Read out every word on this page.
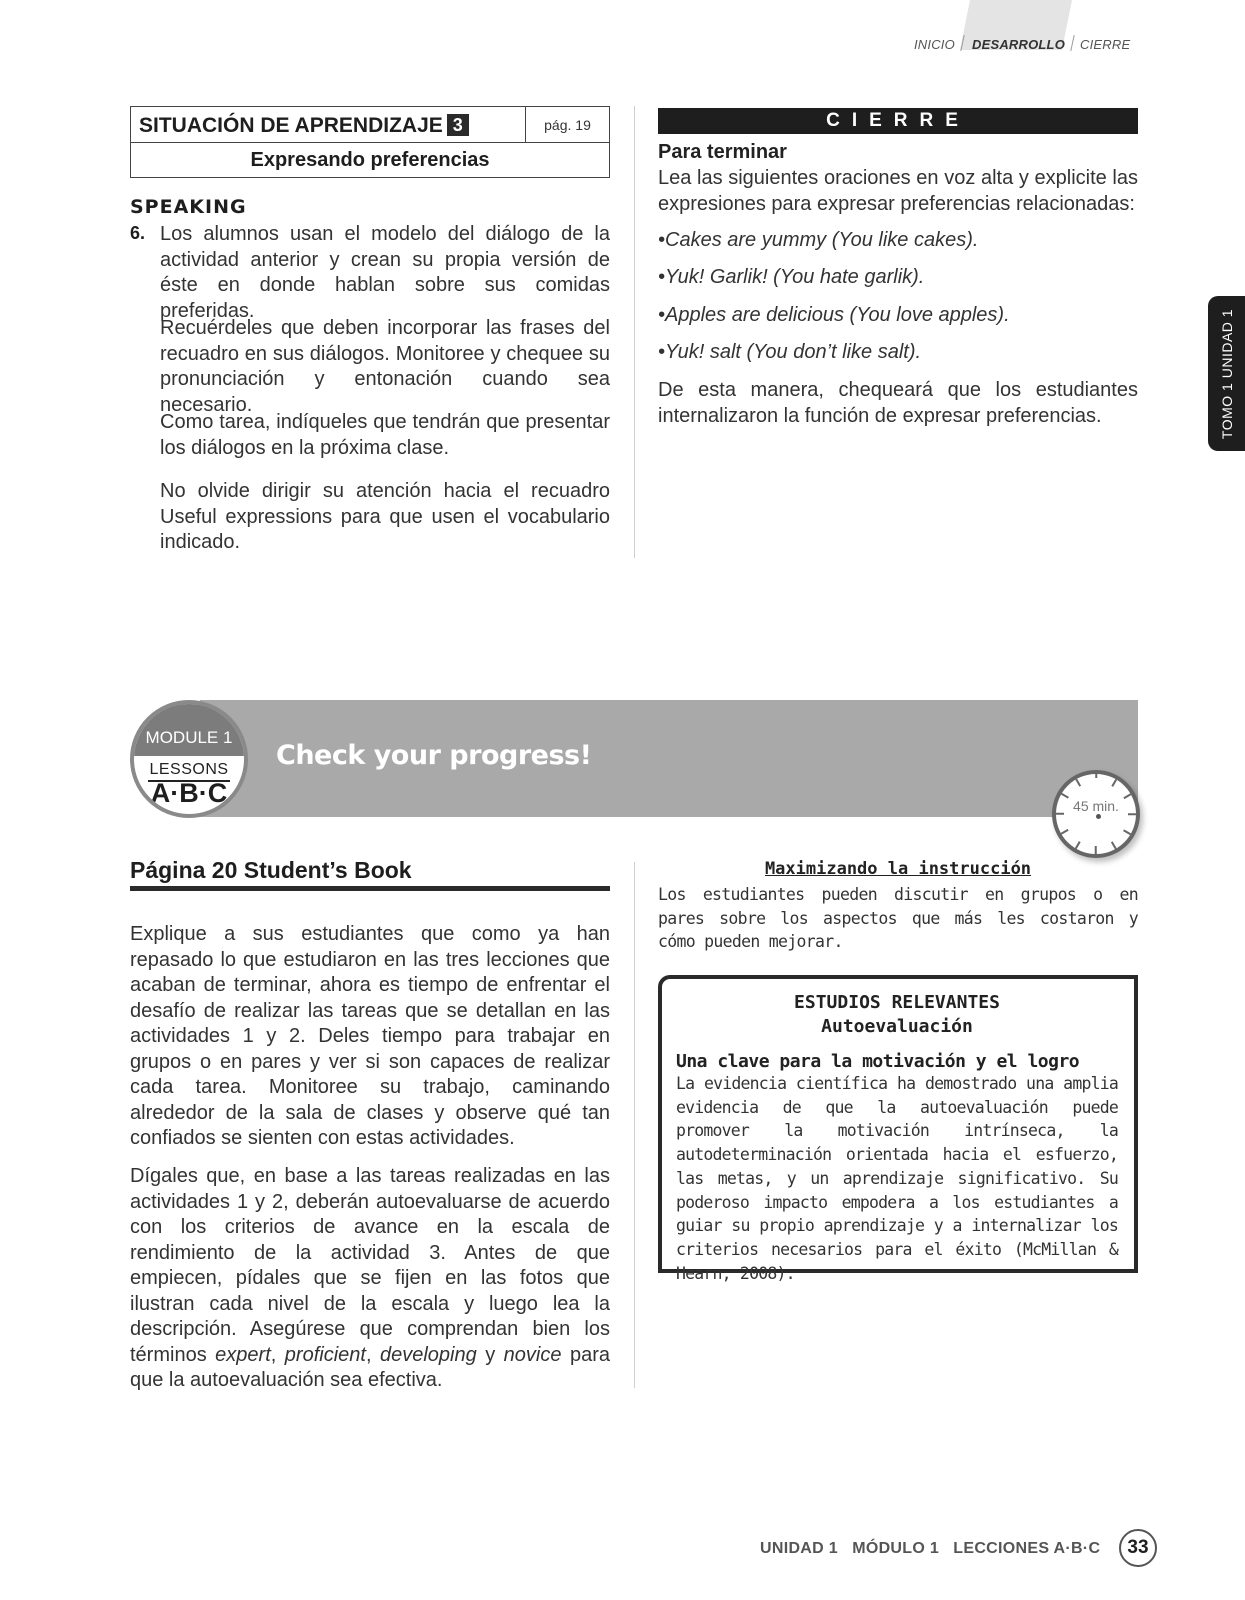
INICIO DESARROLLO CIERRE
SITUACIÓN DE APRENDIZAJE 3	pág. 19
Expresando preferencias
SPEAKING
6. Los alumnos usan el modelo del diálogo de la actividad anterior y crean su propia versión de éste en donde hablan sobre sus comidas preferidas.

Recuérdeles que deben incorporar las frases del recuadro en sus diálogos. Monitoree y chequee su pronunciación y entonación cuando sea necesario.

Como tarea, indíqueles que tendrán que presentar los diálogos en la próxima clase.

No olvide dirigir su atención hacia el recuadro Useful expressions para que usen el vocabulario indicado.

CIERRE
Para terminar

Lea las siguientes oraciones en voz alta y explicite las expresiones para expresar preferencias relacionadas:

•Cakes are yummy (You like cakes).
•Yuk! Garlik! (You hate garlik).
•Apples are delicious (You love apples).
•Yuk! salt (You don’t like salt).

De esta manera, chequeará que los estudiantes internalizaron la función de expresar preferencias.	TOMO 1 UNIDAD 1
Check your progress!
MODULE 1
LESSONS
A·B·C	45 min.
Página 20 Student’s Book

Explique a sus estudiantes que como ya han repasado lo que estudiaron en las tres lecciones que acaban de terminar, ahora es tiempo de enfrentar el desafío de realizar las tareas que se detallan en las actividades 1 y 2. Deles tiempo para trabajar en grupos o en pares y ver si son capaces de realizar cada tarea. Monitoree su trabajo, caminando alrededor de la sala de clases y observe qué tan confiados se sienten con estas actividades.

Dígales que, en base a las tareas realizadas en las actividades 1 y 2, deberán autoevaluarse de acuerdo con los criterios de avance en la escala de rendimiento de la actividad 3. Antes de que empiecen, pídales que se fijen en las fotos que ilustran cada nivel de la escala y luego lea la descripción. Asegúrese que comprendan bien los términos expert, proficient, developing y novice para que la autoevaluación sea efectiva.

Maximizando la instrucción

Los estudiantes pueden discutir en grupos o en pares sobre los aspectos que más les costaron y cómo pueden mejorar.

ESTUDIOS RELEVANTES
Autoevaluación
Una clave para la motivación y el logro

La evidencia científica ha demostrado una amplia evidencia de que la autoevaluación puede promover la motivación intrínseca, la autodeterminación orientada hacia el esfuerzo, las metas, y un aprendizaje significativo. Su poderoso impacto empodera a los estudiantes a guiar su propio aprendizaje y a internalizar los criterios necesarios para el éxito (McMillan & Hearn, 2008).

UNIDAD 1   MÓDULO 1   LECCIONES A·B·C	33
